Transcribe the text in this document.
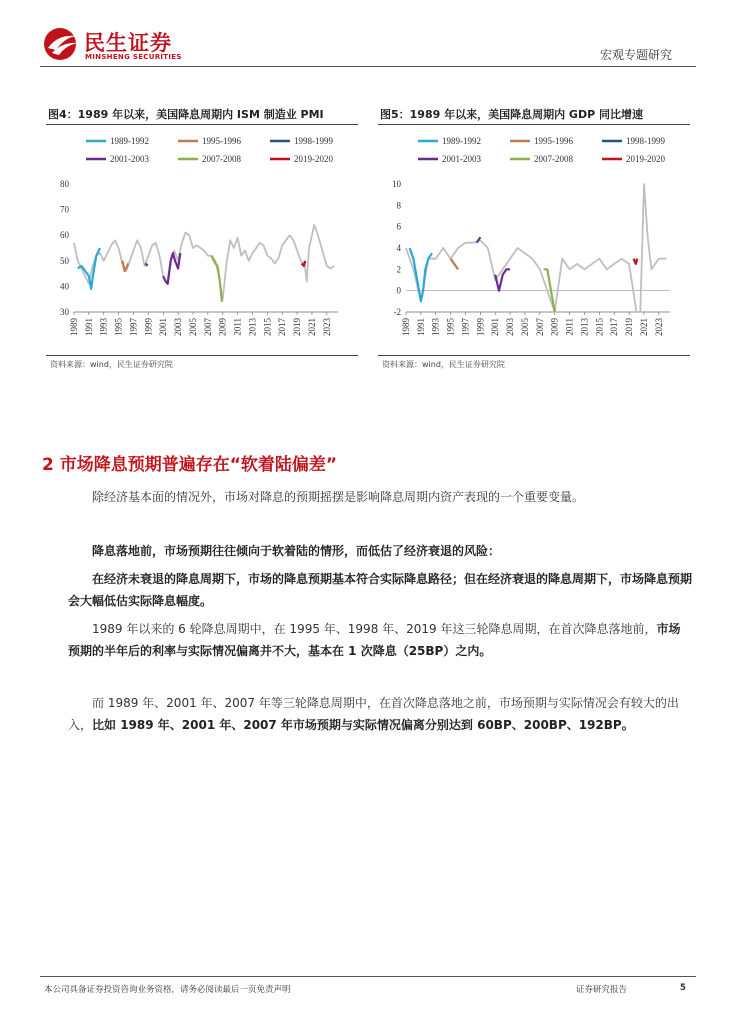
民生证券
MINSHENG SECURITIES	宏观专题研究
图4：1989 年以来，美国降息周期内 ISM 制造业 PMI
1989-1992	1995-1996	1998-1999
2001-2003	2007-2008	2019-2020
80
70
60
50
40
30
1989 1991 1993 1995 1997 1999 2001 2003 2005 2007 2009 2011 2013 2015 2017 2019 2021 2023
资料来源：wind，民生证券研究院
图5：1989 年以来，美国降息周期内 GDP 同比增速
1989-1992	1995-1996	1998-1999
2001-2003	2007-2008	2019-2020
10
8
6
4
2
0
-2
1989 1991 1993 1995 1997 1999 2001 2003 2005 2007 2009 2011 2013 2015 2017 2019 2021 2023
资料来源：wind，民生证券研究院
2 市场降息预期普遍存在“软着陆偏差”
除经济基本面的情况外，市场对降息的预期摇摆是影响降息周期内资产表现的一个重要变量。
降息落地前，市场预期往往倾向于软着陆的情形，而低估了经济衰退的风险：
在经济未衰退的降息周期下，市场的降息预期基本符合实际降息路径；但在经济衰退的降息周期下，市场降息预期会大幅低估实际降息幅度。
1989 年以来的 6 轮降息周期中，在 1995 年、1998 年、2019 年这三轮降息周期，在首次降息落地前，市场预期的半年后的利率与实际情况偏离并不大，基本在 1 次降息（25BP）之内。
而 1989 年、2001 年、2007 年等三轮降息周期中，在首次降息落地之前，市场预期与实际情况会有较大的出入，比如 1989 年、2001 年、2007 年市场预期与实际情况偏离分别达到 60BP、200BP、192BP。
本公司具备证券投资咨询业务资格，请务必阅读最后一页免责声明	证券研究报告	5
